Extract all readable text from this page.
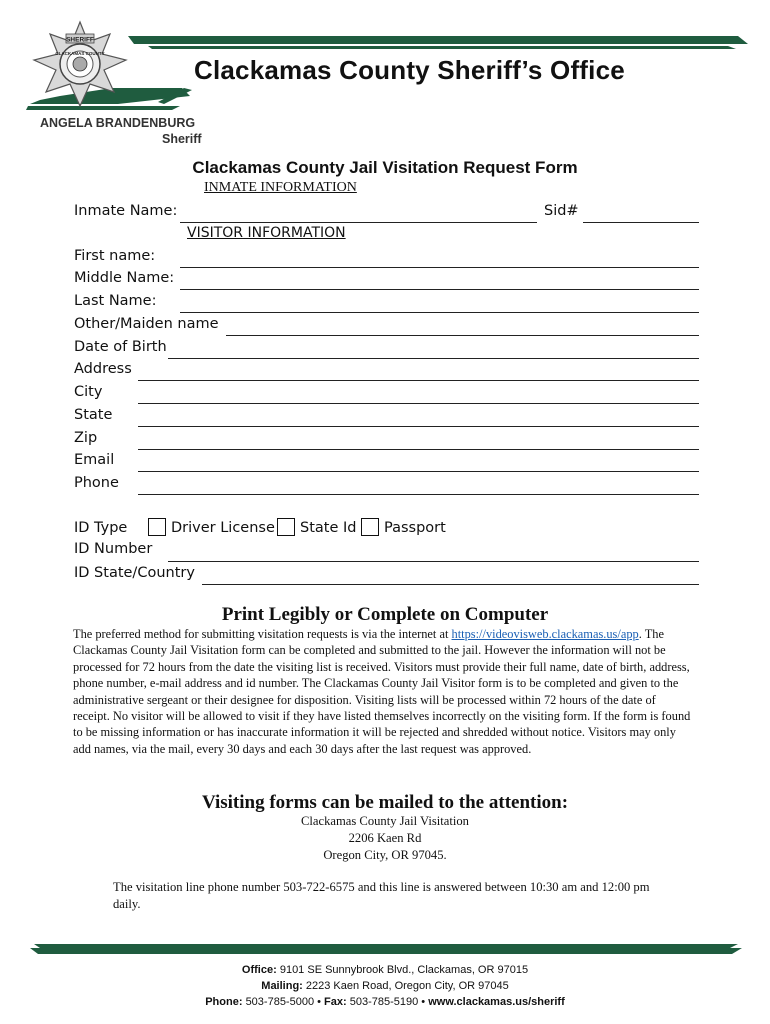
SHERIFF
CLACKAMAS COUNTY
Clackamas County Sheriff’s Office
ANGELA BRANDENBURG
Sheriff
Clackamas County Jail Visitation Request Form
INMATE INFORMATION
Inmate Name:	Sid#
VISITOR INFORMATION
First name:
Middle Name:
Last Name:
Other/Maiden name
Date of Birth
Address
City
State
Zip
Email
Phone
ID Type	Driver License State Id Passport
ID Number
ID State/Country
Print Legibly or Complete on Computer
The preferred method for submitting visitation requests is via the internet at https://videovisweb.clackamas.us/app. The Clackamas County Jail Visitation form can be completed and submitted to the jail. However the information will not be processed for 72 hours from the date the visiting list is received. Visitors must provide their full name, date of birth, address, phone number, e-mail address and id number. The Clackamas County Jail Visitor form is to be completed and given to the administrative sergeant or their designee for disposition. Visiting lists will be processed within 72 hours of the date of receipt. No visitor will be allowed to visit if they have listed themselves incorrectly on the visiting form. If the form is found to be missing information or has inaccurate information it will be rejected and shredded without notice. Visitors may only add names, via the mail, every 30 days and each 30 days after the last request was approved.
Visiting forms can be mailed to the attention:
Clackamas County Jail Visitation
2206 Kaen Rd
Oregon City, OR 97045.
The visitation line phone number 503-722-6575 and this line is answered between 10:30 am and 12:00 pm daily.
Office: 9101 SE Sunnybrook Blvd., Clackamas, OR 97015
Mailing: 2223 Kaen Road, Oregon City, OR 97045
Phone: 503-785-5000 • Fax: 503-785-5190 • www.clackamas.us/sheriff
